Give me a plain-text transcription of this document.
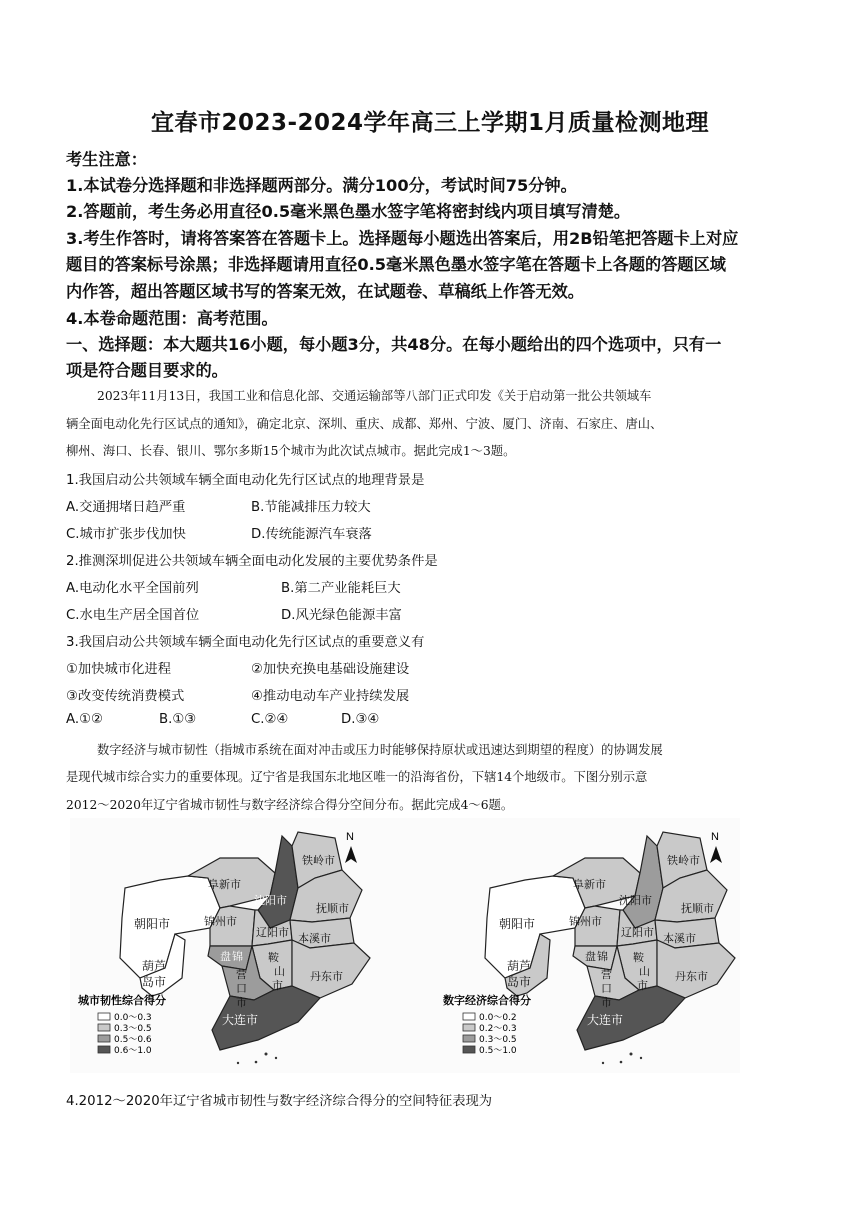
宜春市2023-2024学年高三上学期1月质量检测地理
考生注意：
1.本试卷分选择题和非选择题两部分。满分100分，考试时间75分钟。
2.答题前，考生务必用直径0.5毫米黑色墨水签字笔将密封线内项目填写清楚。
3.考生作答时，请将答案答在答题卡上。选择题每小题选出答案后，用2B铅笔把答题卡上对应
题目的答案标号涂黑；非选择题请用直径0.5毫米黑色墨水签字笔在答题卡上各题的答题区域
内作答，超出答题区域书写的答案无效，在试题卷、草稿纸上作答无效。
4.本卷命题范围：高考范围。
一、选择题：本大题共16小题，每小题3分，共48分。在每小题给出的四个选项中，只有一
项是符合题目要求的。
2023年11月13日，我国工业和信息化部、交通运输部等八部门正式印发《关于启动第一批公共领域车
辆全面电动化先行区试点的通知》，确定北京、深圳、重庆、成都、郑州、宁波、厦门、济南、石家庄、唐山、
柳州、海口、长春、银川、鄂尔多斯15个城市为此次试点城市。据此完成1～3题。
1.我国启动公共领域车辆全面电动化先行区试点的地理背景是
A.交通拥堵日趋严重	B.节能减排压力较大
C.城市扩张步伐加快	D.传统能源汽车衰落
2.推测深圳促进公共领域车辆全面电动化发展的主要优势条件是
A.电动化水平全国前列	B.第二产业能耗巨大
C.水电生产居全国首位	D.风光绿色能源丰富
3.我国启动公共领域车辆全面电动化先行区试点的重要意义有
①加快城市化进程	②加快充换电基础设施建设
③改变传统消费模式	④推动电动车产业持续发展
A.①②	B.①③	C.②④	D.③④
数字经济与城市韧性（指城市系统在面对冲击或压力时能够保持原状或迅速达到期望的程度）的协调发展
是现代城市综合实力的重要体现。辽宁省是我国东北地区唯一的沿海省份，下辖14个地级市。下图分别示意
2012～2020年辽宁省城市韧性与数字经济综合得分空间分布。据此完成4～6题。
N
铁岭市
阜新市
沈阳市
抚顺市
朝阳市	锦州市
盘 锦
辽阳市 本溪市
鞍
山
市
葫芦
岛市
营
口
市
丹东市
大连市
城市韧性综合得分
0.0～0.3
0.3～0.5
0.5～0.6
0.6～1.0
N
铁岭市
阜新市
沈阳市
抚顺市
朝阳市	锦州市
盘 锦
辽阳市 本溪市
鞍
山
市
葫芦
岛市
营
口
市
丹东市
大连市
数字经济综合得分
0.0～0.2
0.2～0.3
0.3～0.5
0.5～1.0
4.2012～2020年辽宁省城市韧性与数字经济综合得分的空间特征表现为
